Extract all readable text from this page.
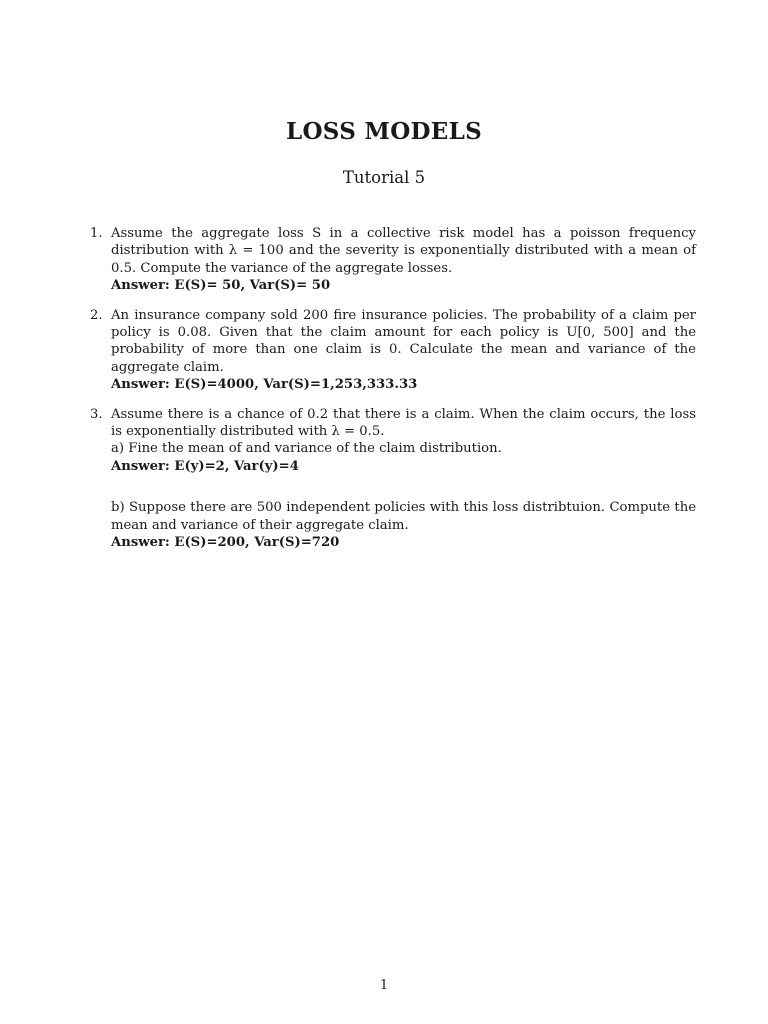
LOSS MODELS
Tutorial 5
1. Assume the aggregate loss S in a collective risk model has a poisson frequency distribution with λ = 100 and the severity is exponentially distributed with a mean of 0.5. Compute the variance of the aggregate losses.

Answer: E(S)= 50, Var(S)= 50

2. An insurance company sold 200 fire insurance policies. The probability of a claim per policy is 0.08. Given that the claim amount for each policy is U[0, 500] and the probability of more than one claim is 0. Calculate the mean and variance of the aggregate claim.

Answer: E(S)=4000, Var(S)=1,253,333.33

3. Assume there is a chance of 0.2 that there is a claim. When the claim occurs, the loss is exponentially distributed with λ = 0.5.

a) Fine the mean of and variance of the claim distribution.

Answer: E(y)=2, Var(y)=4

b) Suppose there are 500 independent policies with this loss distribtuion. Compute the mean and variance of their aggregate claim.

Answer: E(S)=200, Var(S)=720

1
